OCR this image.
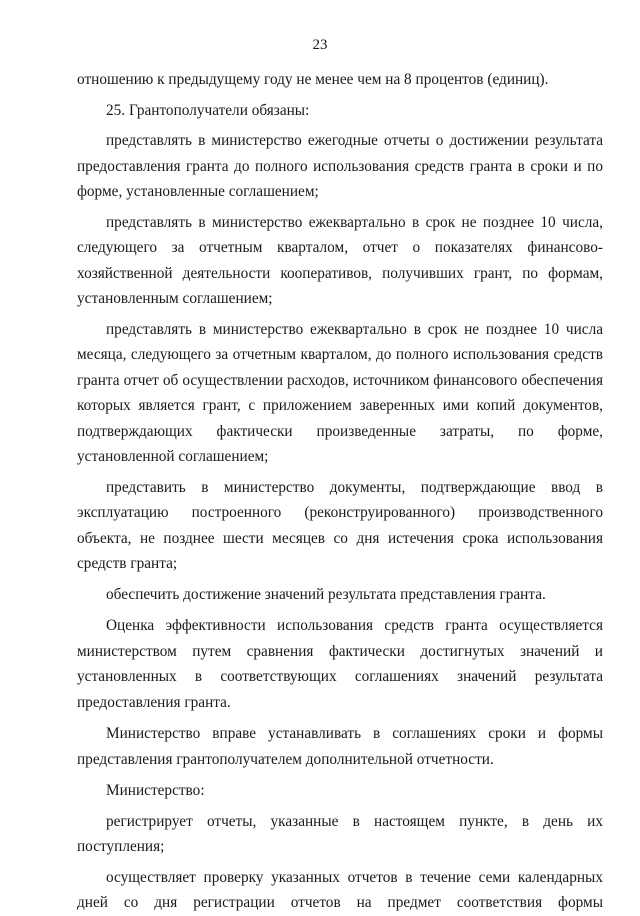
23

отношению к предыдущему году не менее чем на 8 процентов (единиц).

25. Грантополучатели обязаны:

представлять в министерство ежегодные отчеты о достижении результата предоставления гранта до полного использования средств гранта в сроки и по форме, установленные соглашением;

представлять в министерство ежеквартально в срок не позднее 10 числа, следующего за отчетным кварталом, отчет о показателях финансово-хозяйственной деятельности кооперативов, получивших грант, по формам, установленным соглашением;

представлять в министерство ежеквартально в срок не позднее 10 числа месяца, следующего за отчетным кварталом, до полного использования средств гранта отчет об осуществлении расходов, источником финансового обеспечения которых является грант, с приложением заверенных ими копий документов, подтверждающих фактически произведенные затраты, по форме, установленной соглашением;

представить в министерство документы, подтверждающие ввод в эксплуатацию построенного (реконструированного) производственного объекта, не позднее шести месяцев со дня истечения срока использования средств гранта;

обеспечить достижение значений результата представления гранта.

Оценка эффективности использования средств гранта осуществляется министерством путем сравнения фактически достигнутых значений и установленных в соответствующих соглашениях значений результата предоставления гранта.

Министерство вправе устанавливать в соглашениях сроки и формы представления грантополучателем дополнительной отчетности.

Министерство:

регистрирует отчеты, указанные в настоящем пункте, в день их поступления;

осуществляет проверку указанных отчетов в течение семи календарных дней со дня регистрации отчетов на предмет соответствия формы
